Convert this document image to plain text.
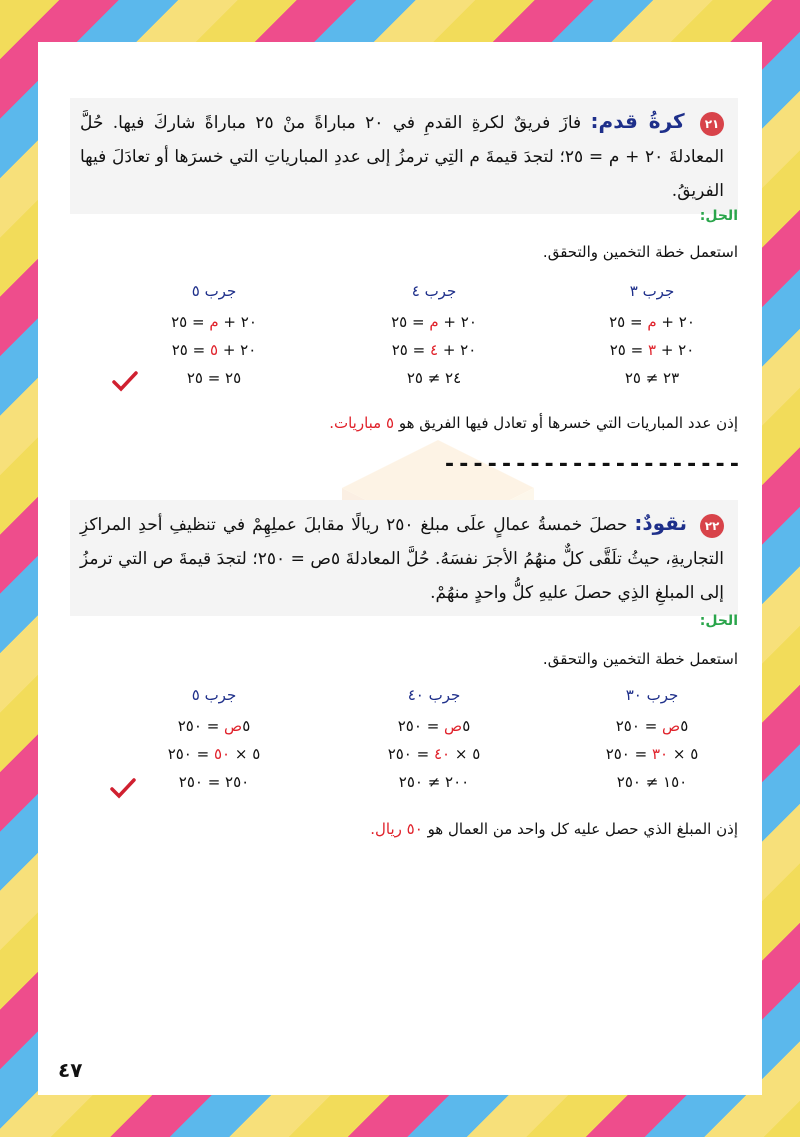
٢١ كرةُ قدم: فازَ فريقٌ لكرةِ القدمِ في ٢٠ مباراةً منْ ٢٥ مباراةً شاركَ فيها. حُلَّ المعادلةَ ٢٠ + م = ٢٥؛ لتجدَ قيمةَ م التِي ترمزُ إلى عددِ المبارياتِ التي خسرَها أو تعادَلَ فيها الفريقُ.
الحل:
استعمل خطة التخمين والتحقق.
جرب ٣
٢٠ + م = ٢٥
٢٠ + ٣ = ٢٥
٢٣ ≠ ٢٥
جرب ٤
٢٠ + م = ٢٥
٢٠ + ٤ = ٢٥
٢٤ ≠ ٢٥
جرب ٥
٢٠ + م = ٢٥
٢٠ + ٥ = ٢٥
٢٥ = ٢٥
إذن عدد المباريات التي خسرها أو تعادل فيها الفريق هو ٥ مباريات.
---------------------
٢٢ نقودٌ: حصلَ خمسةُ عمالٍ علَى مبلغ ٢٥٠ ريالًا مقابلَ عملِهِمْ في تنظيفِ أحدِ المراكزِ التجاريةِ، حيثُ تلَقَّى كلٌّ منهُمُ الأجرَ نفسَهُ. حُلَّ المعادلةَ ٥ص = ٢٥٠؛ لتجدَ قيمةَ ص التي ترمزُ إلى المبلغِ الذِي حصلَ عليهِ كلُّ واحدٍ منهُمْ.
الحل:
استعمل خطة التخمين والتحقق.
جرب ٣٠
٥ص = ٢٥٠
٥ × ٣٠ = ٢٥٠
١٥٠ ≠ ٢٥٠
جرب ٤٠
٥ص = ٢٥٠
٥ × ٤٠ = ٢٥٠
٢٠٠ ≠ ٢٥٠
جرب ٥
٥ص = ٢٥٠
٥ × ٥٠ = ٢٥٠
٢٥٠ = ٢٥٠
إذن المبلغ الذي حصل عليه كل واحد من العمال هو ٥٠ ريال.
٤٧
